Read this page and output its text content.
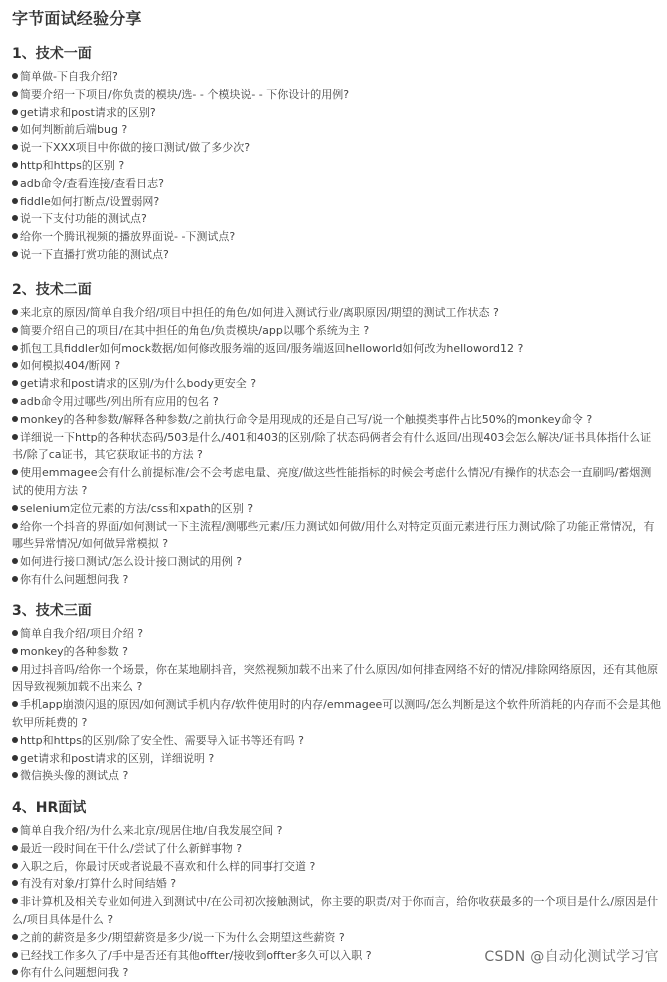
字节面试经验分享
1、技术一面
简单做-下自我介绍?
简要介绍一下项目/你负责的模块/选- - 个模块说- - 下你设计的用例?
get请求和post请求的区别?
如何判断前后端bug ?
说一下XXX项目中你做的接口测试/做了多少次?
http和https的区别 ?
adb命令/查看连接/查看日志?
fiddle如何打断点/设置弱网?
说一下支付功能的测试点?
给你一个腾讯视频的播放界面说- -下测试点?
说一下直播打赏功能的测试点?
2、技术二面
来北京的原因/简单自我介绍/项目中担任的角色/如何进入测试行业/离职原因/期望的测试工作状态 ?
简要介绍自己的项目/在其中担任的角色/负责模块/app以哪个系统为主 ?
抓包工具fiddler如何mock数据/如何修改服务端的返回/服务端返回helloworld如何改为helloword12 ?
如何模拟404/断网 ?
get请求和post请求的区别/为什么body更安全 ?
adb命令用过哪些/列出所有应用的包名 ?
monkey的各种参数/解释各种参数/之前执行命令是用现成的还是自己写/说一个触摸类事件占比50%的monkey命令 ?
详细说一下http的各种状态码/503是什么/401和403的区别/除了状态码俩者会有什么返回/出现403会怎么解决/证书具体指什么证书/除了ca证书，其它获取证书的方法 ?
使用emmagee会有什么前提标准/会不会考虑电量、亮度/做这些性能指标的时候会考虑什么情况/有操作的状态会一直刷吗/蓄烟测试的使用方法 ?
selenium定位元素的方法/css和xpath的区别 ?
给你一个抖音的界面/如何测试一下主流程/测哪些元素/压力测试如何做/用什么对特定页面元素进行压力测试/除了功能正常情况，有哪些异常情况/如何做异常模拟 ?
如何进行接口测试/怎么设计接口测试的用例 ?
你有什么问题想问我 ?
3、技术三面
简单自我介绍/项目介绍 ?
monkey的各种参数 ?
用过抖音吗/给你一个场景，你在某地刷抖音，突然视频加载不出来了什么原因/如何排查网络不好的情况/排除网络原因，还有其他原因导致视频加载不出来么 ?
手机app崩溃闪退的原因/如何测试手机内存/软件使用时的内存/emmagee可以测吗/怎么判断是这个软件所消耗的内存而不会是其他软甲所耗费的 ?
http和https的区别/除了安全性、需要导入证书等还有吗 ?
get请求和post请求的区别，详细说明 ?
微信换头像的测试点 ?
4、HR面试
简单自我介绍/为什么来北京/现居住地/自我发展空间 ?
最近一段时间在干什么/尝试了什么新鲜事物 ?
入职之后，你最讨厌或者说最不喜欢和什么样的同事打交道 ?
有没有对象/打算什么时间结婚 ?
非计算机及相关专业如何进入到测试中/在公司初次接触测试，你主要的职责/对于你而言，给你收获最多的一个项目是什么/原因是什么/项目具体是什么 ?
之前的薪资是多少/期望薪资是多少/说一下为什么会期望这些薪资 ?
已经找工作多久了/手中是否还有其他offter/接收到offter多久可以入职 ?
你有什么问题想问我 ?
CSDN @自动化测试学习官
